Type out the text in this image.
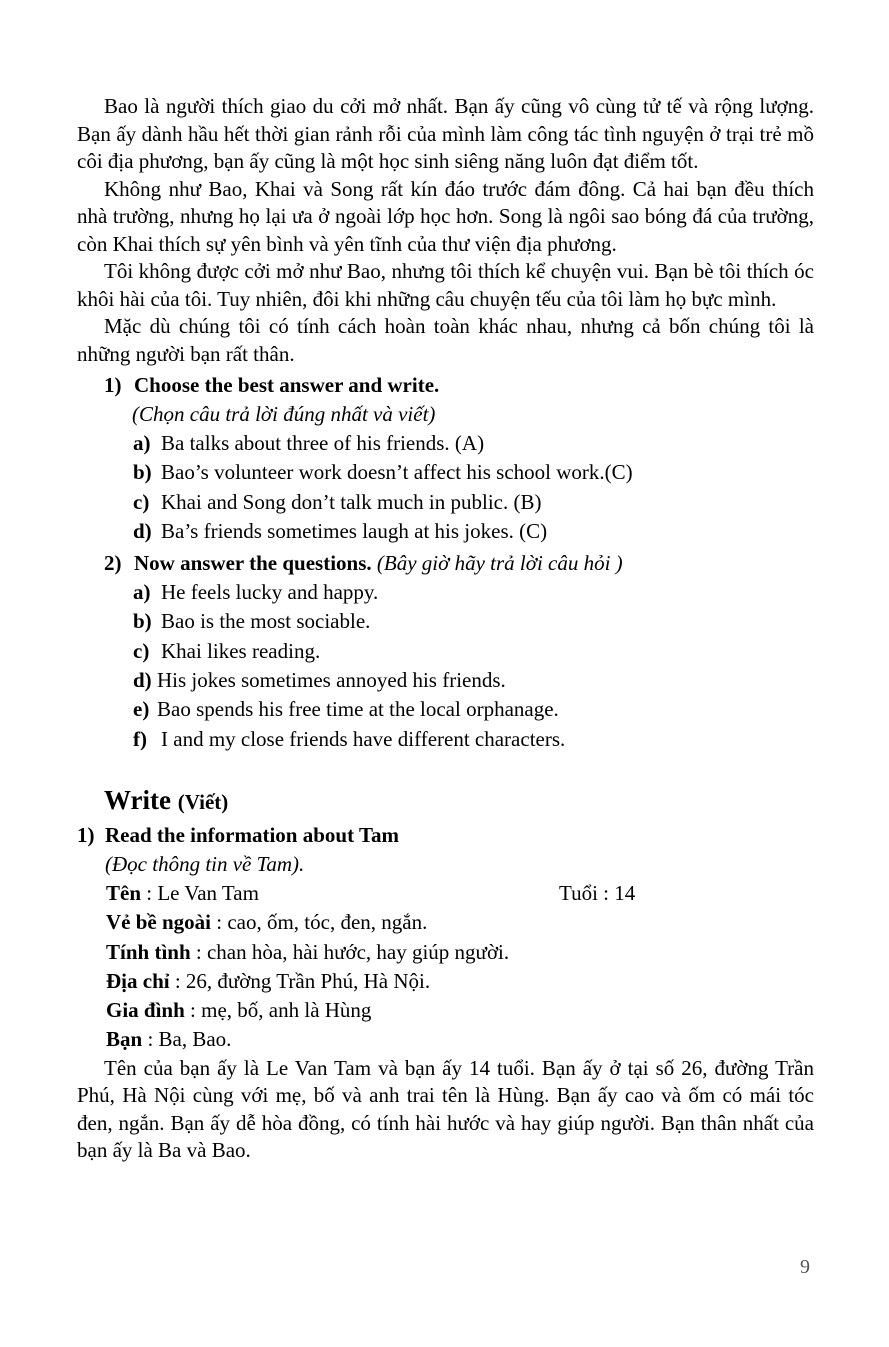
Bao là người thích giao du cởi mở nhất. Bạn ấy cũng vô cùng tử tế và rộng lượng. Bạn ấy dành hầu hết thời gian rảnh rỗi của mình làm công tác tình nguyện ở trại trẻ mồ côi địa phương, bạn ấy cũng là một học sinh siêng năng luôn đạt điểm tốt.

Không như Bao, Khai và Song rất kín đáo trước đám đông. Cả hai bạn đều thích nhà trường, nhưng họ lại ưa ở ngoài lớp học hơn. Song là ngôi sao bóng đá của trường, còn Khai thích sự yên bình và yên tĩnh của thư viện địa phương.

Tôi không được cởi mở như Bao, nhưng tôi thích kể chuyện vui. Bạn bè tôi thích óc khôi hài của tôi. Tuy nhiên, đôi khi những câu chuyện tếu của tôi làm họ bực mình.

Mặc dù chúng tôi có tính cách hoàn toàn khác nhau, nhưng cả bốn chúng tôi là những người bạn rất thân.

1) Choose the best answer and write.
(Chọn câu trả lời đúng nhất và viết)
a) Ba talks about three of his friends. (A)
b) Bao’s volunteer work doesn’t affect his school work.(C)
c) Khai and Song don’t talk much in public. (B)
d) Ba’s friends sometimes laugh at his jokes. (C)
2) Now answer the questions. (Bây giờ hãy trả lời câu hỏi )
a) He feels lucky and happy.
b) Bao is the most sociable.
c) Khai likes reading.
d) His jokes sometimes annoyed his friends.
e) Bao spends his free time at the local orphanage.
f) I and my close friends have different characters.
Write (Viết)
1) Read the information about Tam
(Đọc thông tin về Tam).
Tên : Le Van Tam	Tuổi : 14
Vẻ bề ngoài : cao, ốm, tóc, đen, ngắn.
Tính tình : chan hòa, hài hước, hay giúp người.
Địa chỉ : 26, đường Trần Phú, Hà Nội.
Gia đình : mẹ, bố, anh là Hùng
Bạn : Ba, Bao.

Tên của bạn ấy là Le Van Tam và bạn ấy 14 tuổi. Bạn ấy ở tại số 26, đường Trần Phú, Hà Nội cùng với mẹ, bố và anh trai tên là Hùng. Bạn ấy cao và ốm có mái tóc đen, ngắn. Bạn ấy dễ hòa đồng, có tính hài hước và hay giúp người. Bạn thân nhất của bạn ấy là Ba và Bao.

9
